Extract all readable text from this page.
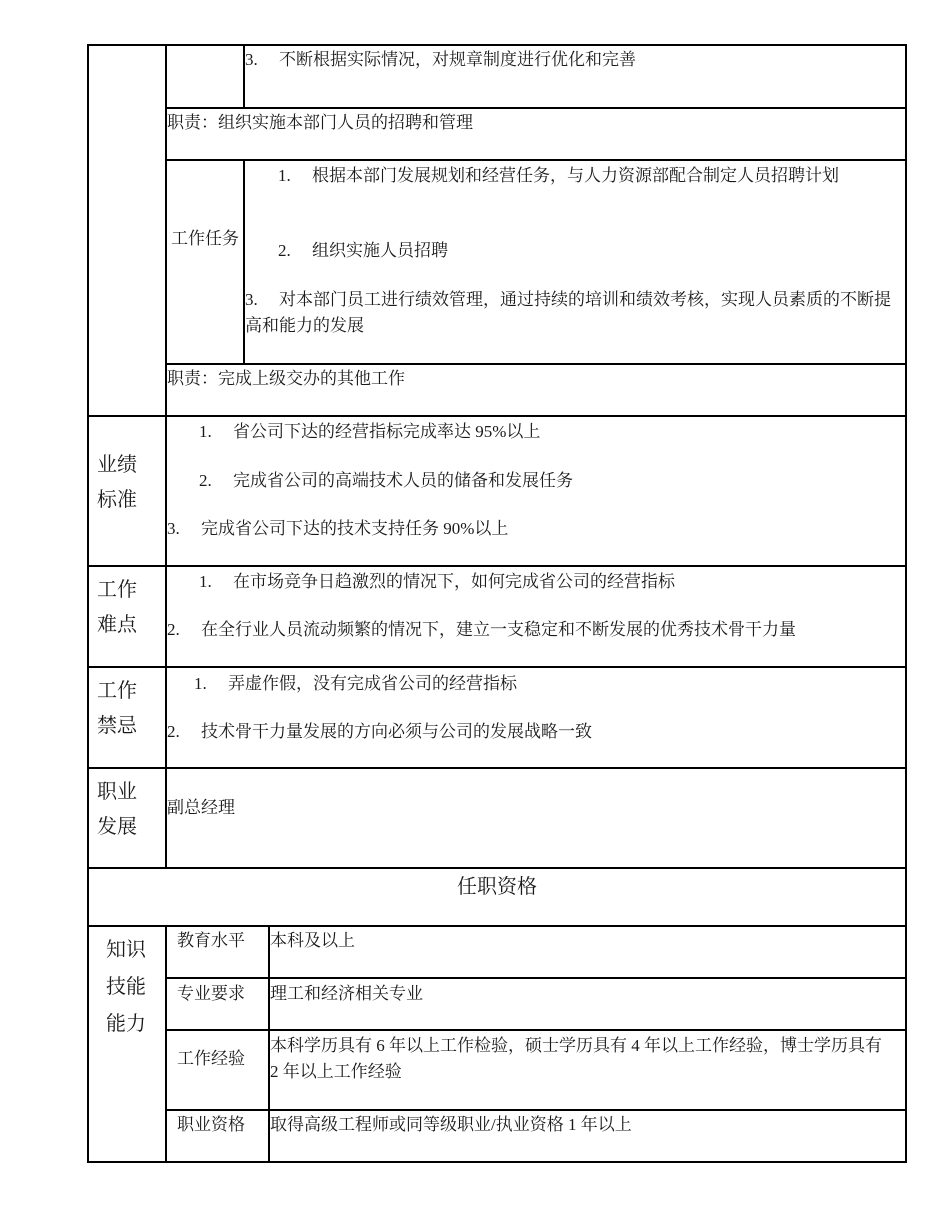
3.　 不断根据实际情况，对规章制度进行优化和完善
职责：组织实施本部门人员的招聘和管理
工作任务
1.　 根据本部门发展规划和经营任务，与人力资源部配合制定人员招聘计划
2.　 组织实施人员招聘
3.　 对本部门员工进行绩效管理，通过持续的培训和绩效考核，实现人员素质的不断提高和能力的发展
职责：完成上级交办的其他工作
业绩标准
1.　 省公司下达的经营指标完成率达 95%以上
2.　 完成省公司的高端技术人员的储备和发展任务
3.　 完成省公司下达的技术支持任务 90%以上
工作难点
1.　 在市场竞争日趋激烈的情况下，如何完成省公司的经营指标
2.　 在全行业人员流动频繁的情况下，建立一支稳定和不断发展的优秀技术骨干力量
工作禁忌
1.　 弄虚作假，没有完成省公司的经营指标
2.　 技术骨干力量发展的方向必须与公司的发展战略一致
职业发展
副总经理
任职资格
知识技能能力
教育水平 本科及以上
专业要求 理工和经济相关专业
工作经验
本科学历具有 6 年以上工作检验，硕士学历具有 4 年以上工作经验，博士学历具有 2 年以上工作经验
职业资格 取得高级工程师或同等级职业/执业资格 1 年以上
